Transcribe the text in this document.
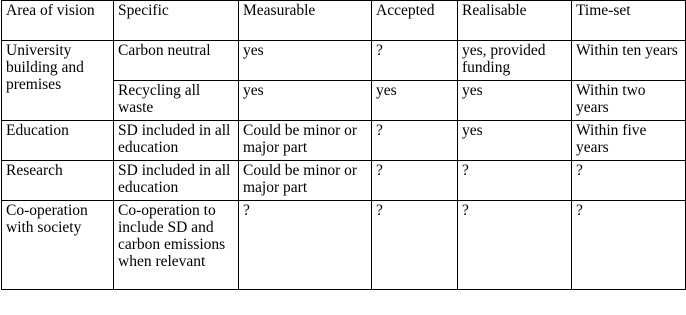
Area of vision	Specific	Measurable	Accepted	Realisable	Time-set
University building and premises	Carbon neutral	yes	?	yes, provided funding	Within ten years
	Recycling all waste	yes	yes	yes	Within two years
Education	SD included in all education	Could be minor or major part	?	yes	Within five years
Research	SD included in all education	Could be minor or major part	?	?	?
Co-operation with society	Co-operation to include SD and carbon emissions when relevant	?	?	?	?
